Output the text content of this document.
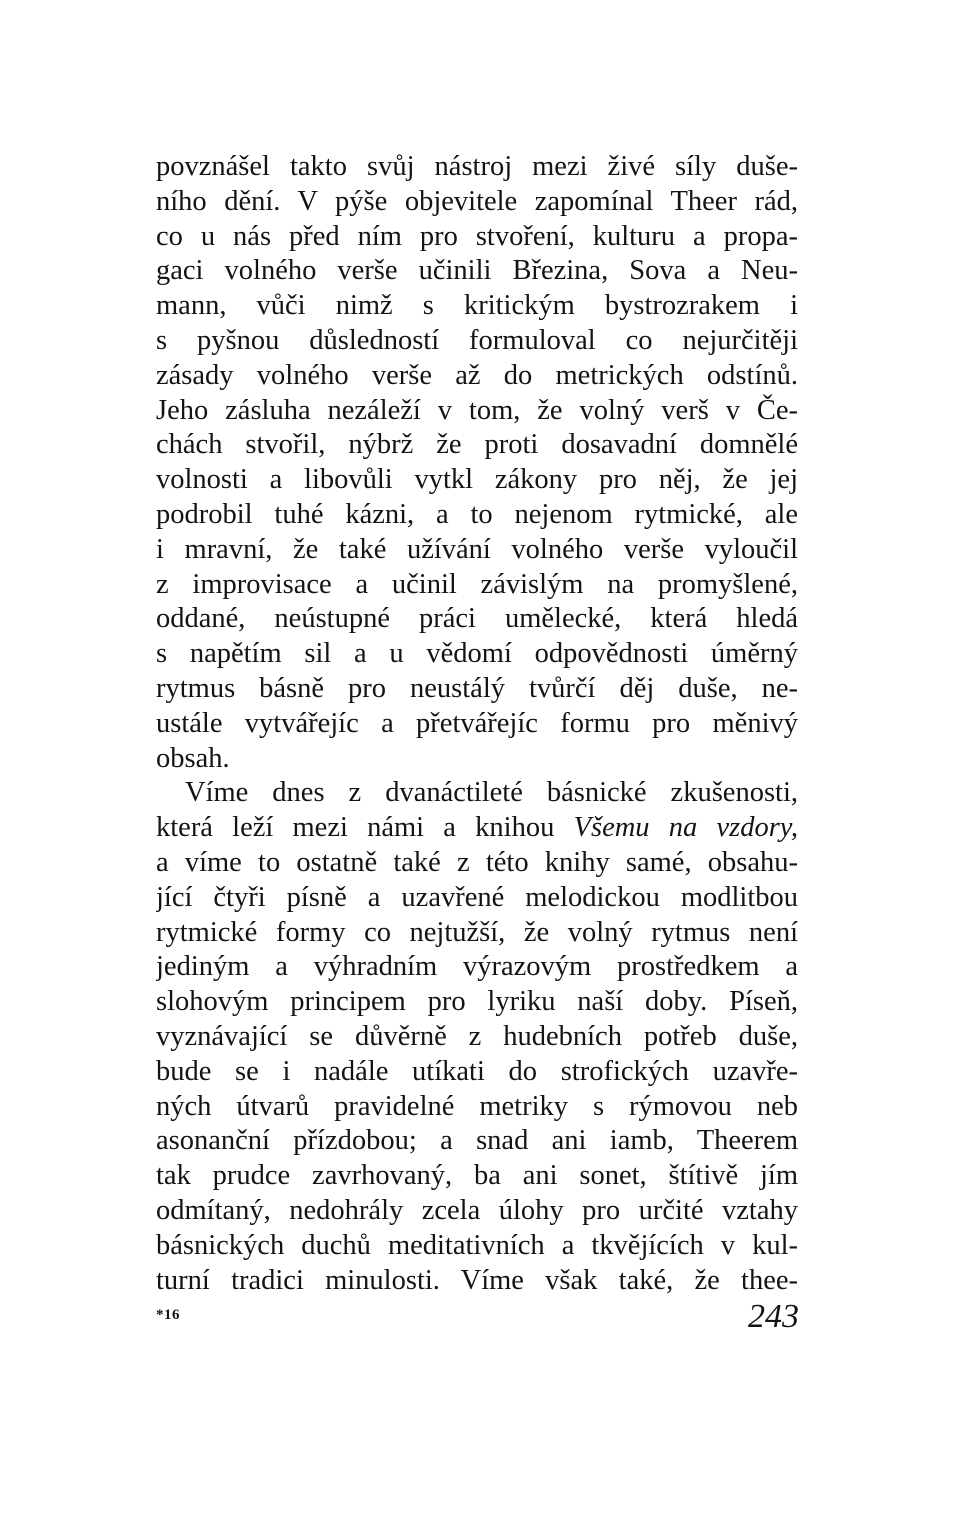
povznášel takto svůj nástroj mezi živé síly duše-
ního dění. V pýše objevitele zapomínal Theer rád,
co u nás před ním pro stvoření, kulturu a propa-
gaci volného verše učinili Březina, Sova a Neu-
mann, vůči nimž s kritickým bystrozrakem i
s pyšnou důsledností formuloval co nejurčitěji
zásady volného verše až do metrických odstínů.
Jeho zásluha nezáleží v tom, že volný verš v Če-
chách stvořil, nýbrž že proti dosavadní domnělé
volnosti a libovůli vytkl zákony pro něj, že jej
podrobil tuhé kázni, a to nejenom rytmické, ale
i mravní, že také užívání volného verše vyloučil
z improvisace a učinil závislým na promyšlené,
oddané, neústupné práci umělecké, která hledá
s napětím sil a u vědomí odpovědnosti úměrný
rytmus básně pro neustálý tvůrčí děj duše, ne-
ustále vytvářejíc a přetvářejíc formu pro měnivý
obsah.
Víme dnes z dvanáctileté básnické zkušenosti,
která leží mezi námi a knihou Všemu na vzdory,
a víme to ostatně také z této knihy samé, obsahu-
jící čtyři písně a uzavřené melodickou modlitbou
rytmické formy co nejtužší, že volný rytmus není
jediným a výhradním výrazovým prostředkem a
slohovým principem pro lyriku naší doby. Píseň,
vyznávající se důvěrně z hudebních potřeb duše,
bude se i nadále utíkati do strofických uzavře-
ných útvarů pravidelné metriky s rýmovou neb
asonanční přízdobou; a snad ani iamb, Theerem
tak prudce zavrhovaný, ba ani sonet, štítivě jím
odmítaný, nedohrály zcela úlohy pro určité vztahy
básnických duchů meditativních a tkvějících v kul-
turní tradici minulosti. Víme však také, že thee-
*16	243
